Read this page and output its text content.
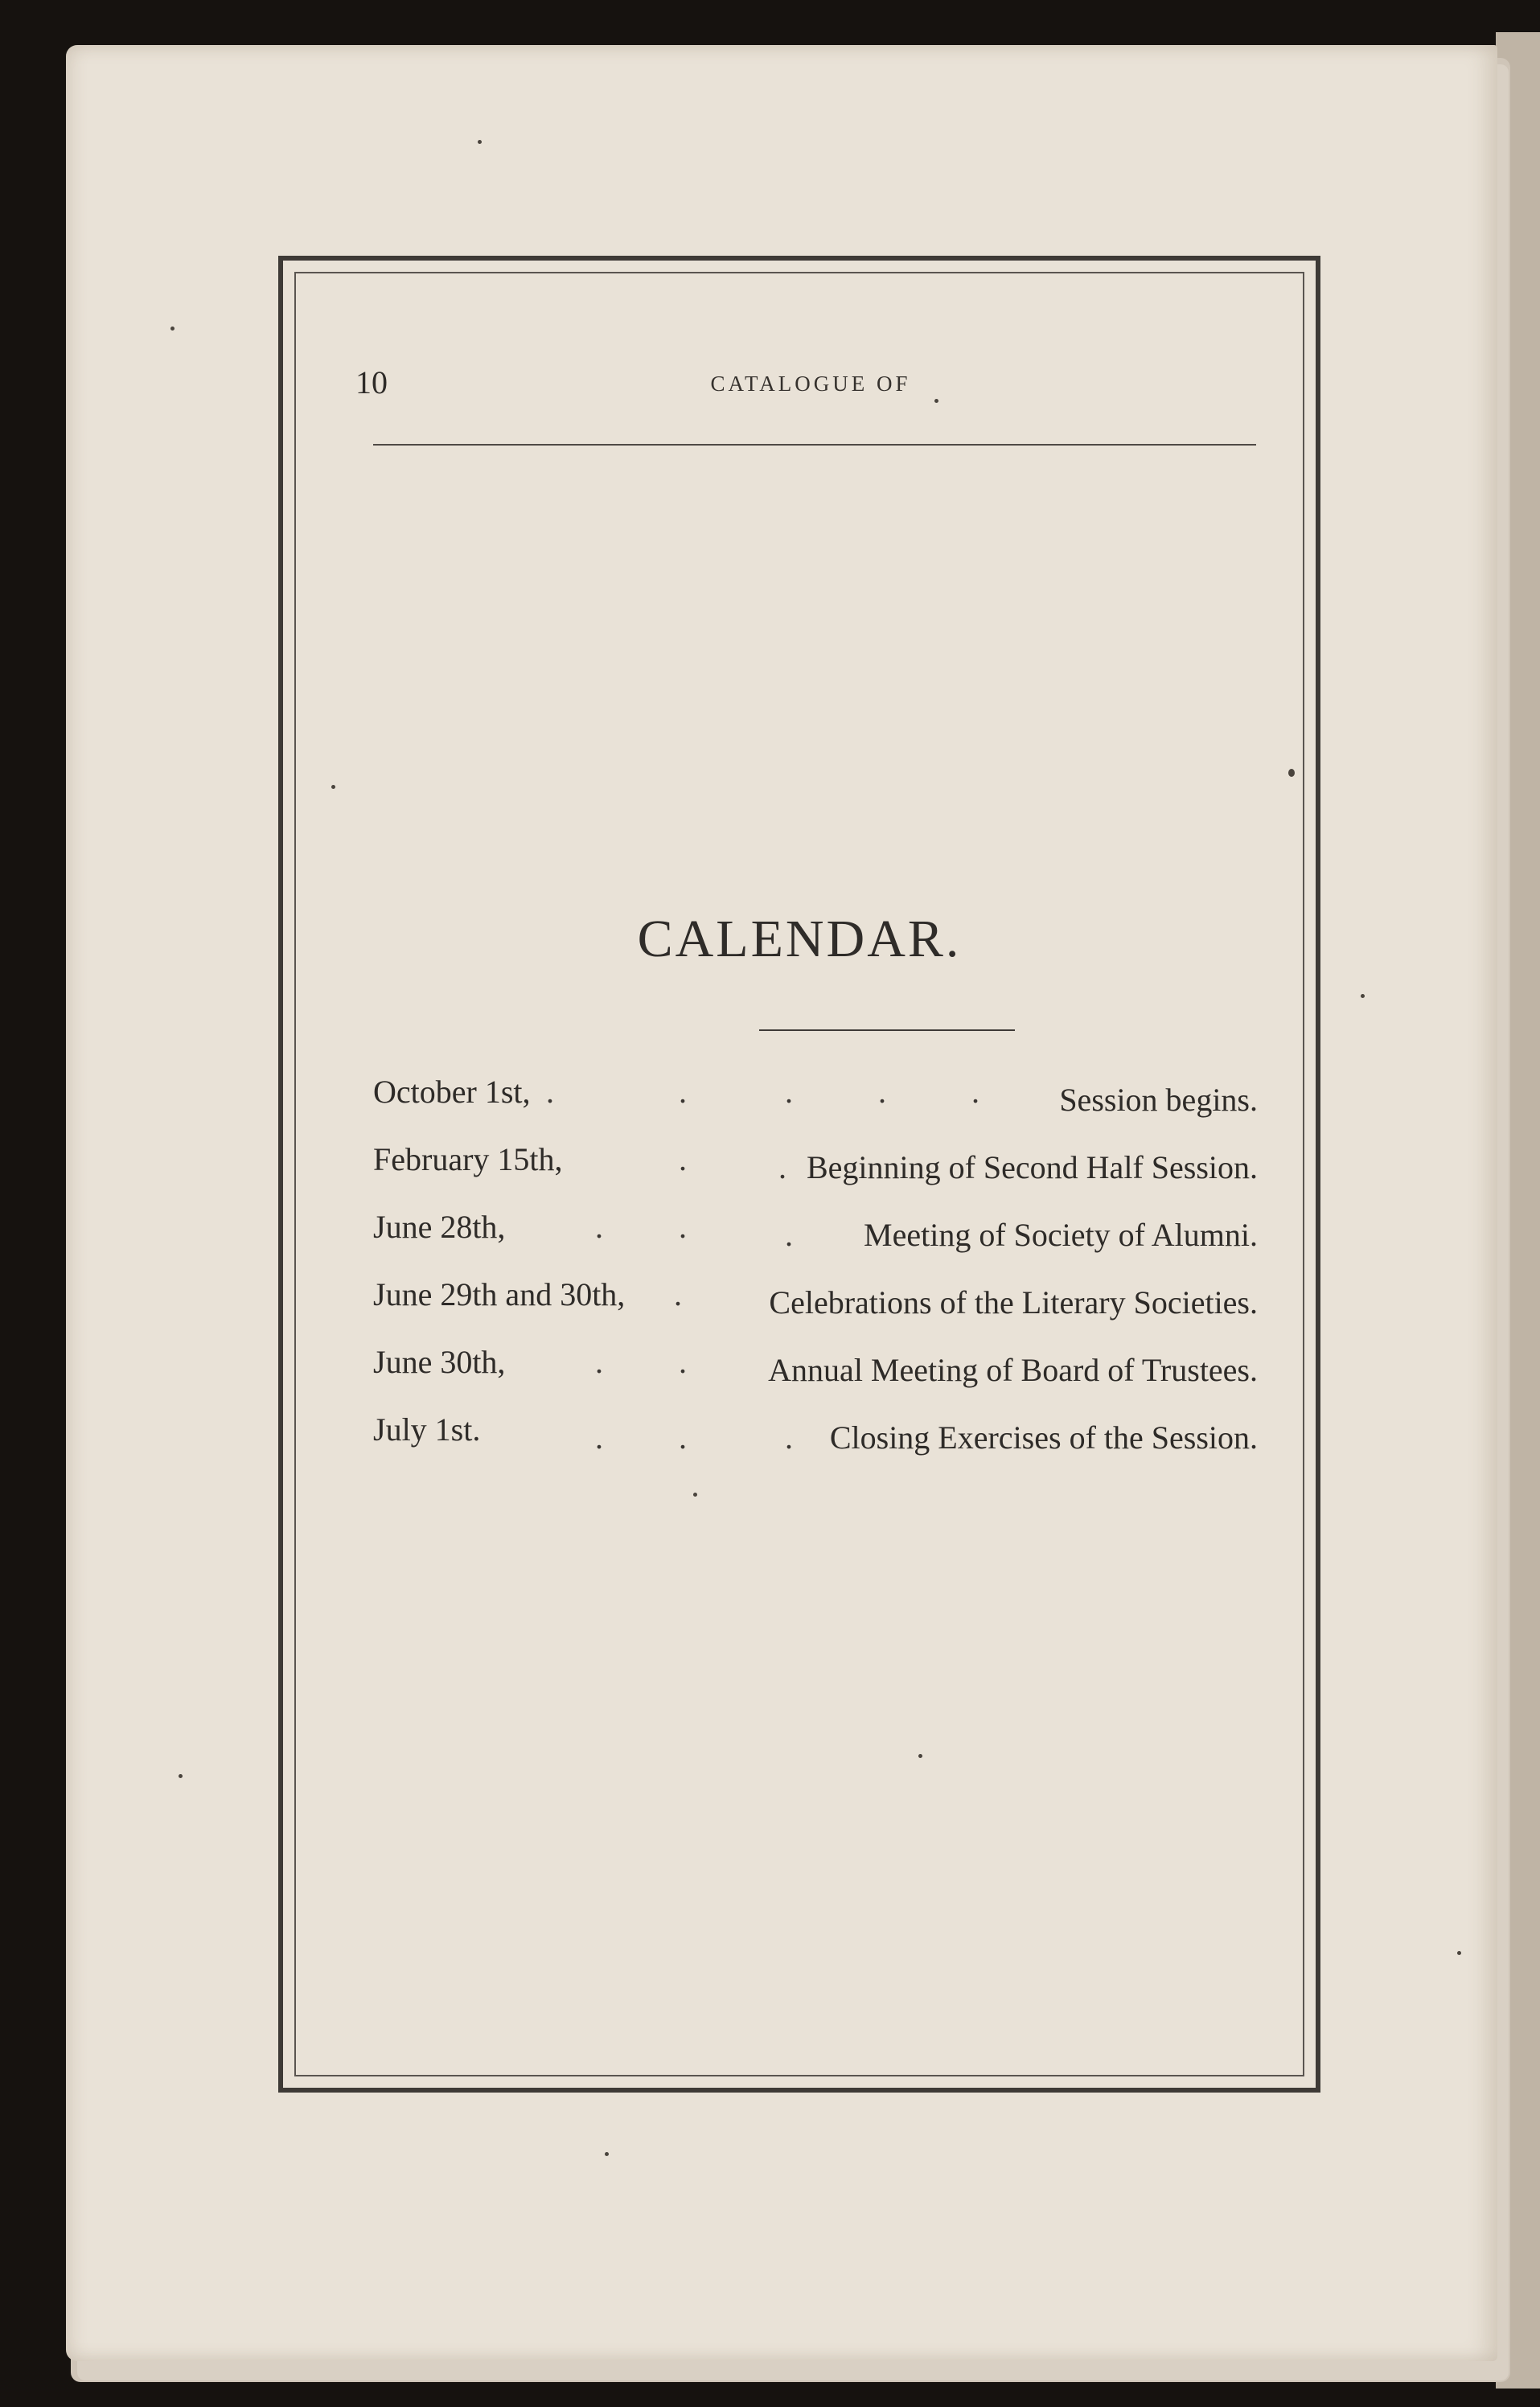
10	CATALOGUE OF
CALENDAR.
October 1st, .	.	.	.	. Session begins.
February 15th,	.	. Beginning of Second Half Session.
June 28th,	. .	. Meeting of Society of Alumni.
June 29th and 30th, .	Celebrations of the Literary Societies.
June 30th,	. .	Annual Meeting of Board of Trustees.
July 1st.	. .	. Closing Exercises of the Session.
